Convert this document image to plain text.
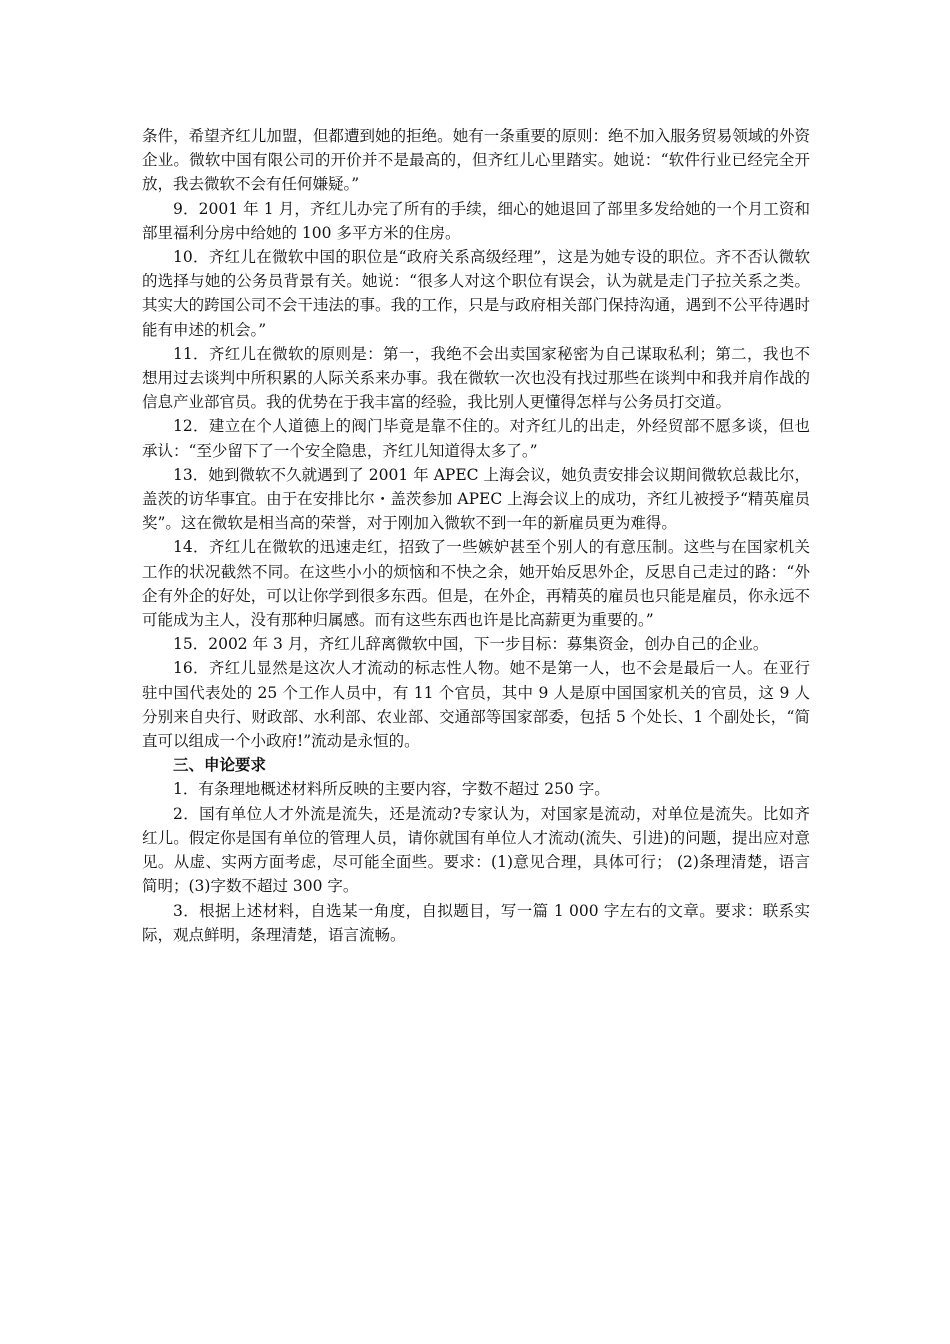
条件，希望齐红儿加盟，但都遭到她的拒绝。她有一条重要的原则：绝不加入服务贸易领域的外资企业。微软中国有限公司的开价并不是最高的，但齐红儿心里踏实。她说：“软件行业已经完全开放，我去微软不会有任何嫌疑。”

9．2001 年 1 月，齐红儿办完了所有的手续，细心的她退回了部里多发给她的一个月工资和部里福利分房中给她的 100 多平方米的住房。

10．齐红儿在微软中国的职位是“政府关系高级经理”，这是为她专设的职位。齐不否认微软的选择与她的公务员背景有关。她说：“很多人对这个职位有误会，认为就是走门子拉关系之类。其实大的跨国公司不会干违法的事。我的工作，只是与政府相关部门保持沟通，遇到不公平待遇时能有申述的机会。”

11．齐红儿在微软的原则是：第一，我绝不会出卖国家秘密为自己谋取私利；第二，我也不想用过去谈判中所积累的人际关系来办事。我在微软一次也没有找过那些在谈判中和我并肩作战的信息产业部官员。我的优势在于我丰富的经验，我比别人更懂得怎样与公务员打交道。

12．建立在个人道德上的阀门毕竟是靠不住的。对齐红儿的出走，外经贸部不愿多谈，但也承认：“至少留下了一个安全隐患，齐红儿知道得太多了。”

13．她到微软不久就遇到了 2001 年 APEC 上海会议，她负责安排会议期间微软总裁比尔，盖茨的访华事宜。由于在安排比尔・盖茨参加 APEC 上海会议上的成功，齐红儿被授予“精英雇员奖”。这在微软是相当高的荣誉，对于刚加入微软不到一年的新雇员更为难得。

14．齐红儿在微软的迅速走红，招致了一些嫉妒甚至个别人的有意压制。这些与在国家机关工作的状况截然不同。在这些小小的烦恼和不快之余，她开始反思外企，反思自己走过的路：“外企有外企的好处，可以让你学到很多东西。但是，在外企，再精英的雇员也只能是雇员，你永远不可能成为主人，没有那种归属感。而有这些东西也许是比高薪更为重要的。”

15．2002 年 3 月，齐红儿辞离微软中国，下一步目标：募集资金，创办自己的企业。

16．齐红儿显然是这次人才流动的标志性人物。她不是第一人，也不会是最后一人。在亚行驻中国代表处的 25 个工作人员中，有 11 个官员，其中 9 人是原中国国家机关的官员，这 9 人分别来自央行、财政部、水利部、农业部、交通部等国家部委，包括 5 个处长、1 个副处长，“简直可以组成一个小政府!”流动是永恒的。

三、申论要求

1．有条理地概述材料所反映的主要内容，字数不超过 250 字。

2．国有单位人才外流是流失，还是流动?专家认为，对国家是流动，对单位是流失。比如齐红儿。假定你是国有单位的管理人员，请你就国有单位人才流动(流失、引进)的问题，提出应对意见。从虚、实两方面考虑，尽可能全面些。要求：(1)意见合理，具体可行； (2)条理清楚，语言简明；(3)字数不超过 300 字。

3．根据上述材料，自选某一角度，自拟题目，写一篇 1 000 字左右的文章。要求：联系实际，观点鲜明，条理清楚，语言流畅。
